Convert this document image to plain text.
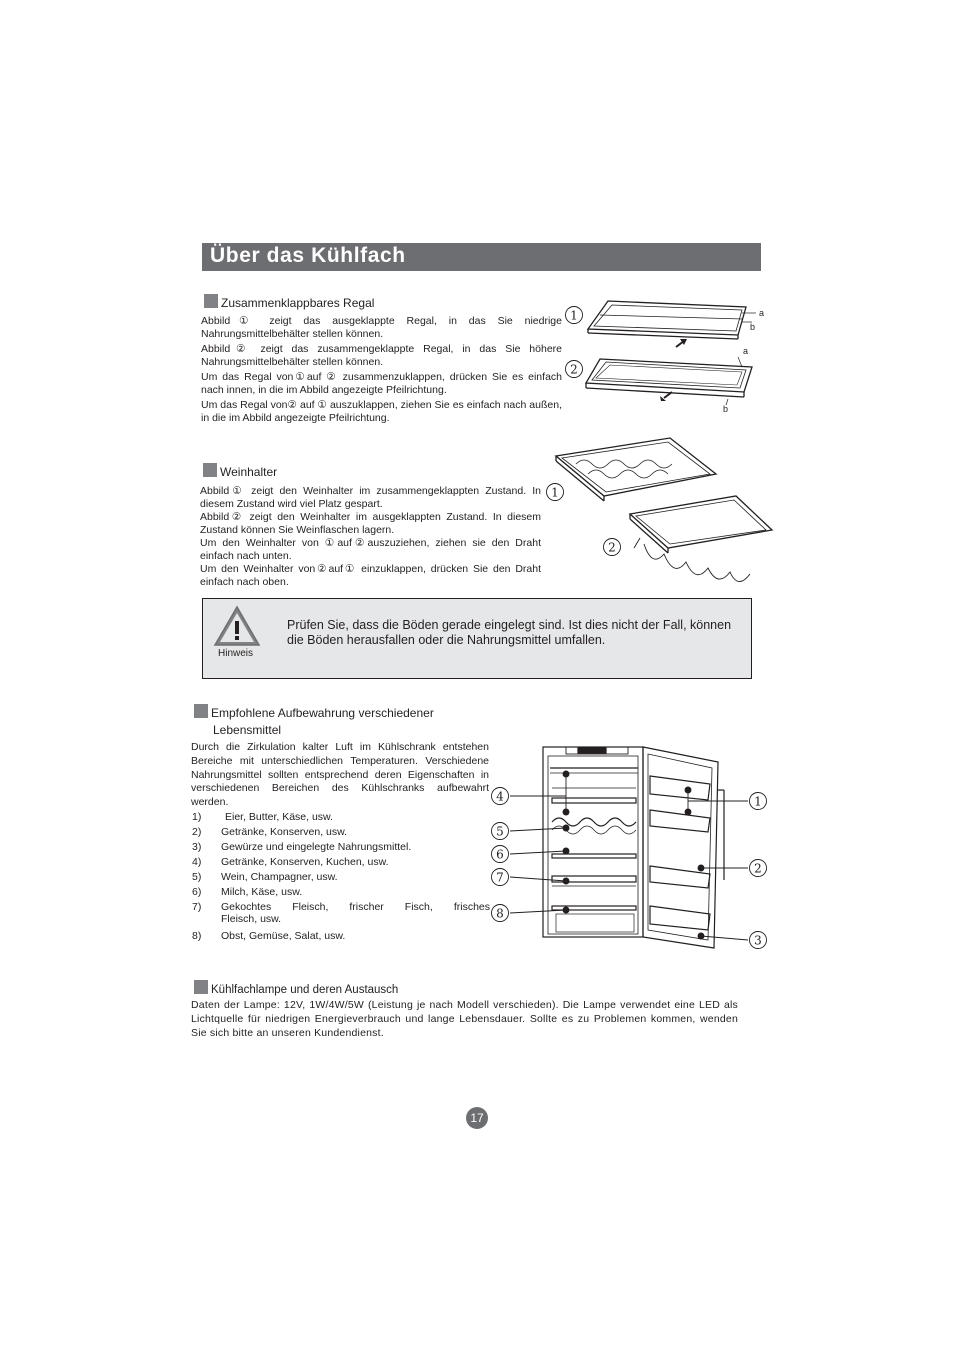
Über das Kühlfach
Zusammenklappbares Regal

Abbild① zeigt das ausgeklappte Regal, in das Sie niedrige Nahrungsmittelbehälter stellen können.

Abbild② zeigt das zusammengeklappte Regal, in das Sie höhere Nahrungsmittelbehälter stellen können.

Um das Regal von①auf ② zusammenzuklappen, drücken Sie es einfach nach innen, in die im Abbild angezeigte Pfeilrichtung.

Um das Regal von② auf ① auszuklappen, ziehen Sie es einfach nach außen, in die im Abbild angezeigte Pfeilrichtung.

1
2
a
b
a
b
Weinhalter

Abbild① zeigt den Weinhalter im zusammengeklappten Zustand. In diesem Zustand wird viel Platz gespart.

Abbild② zeigt den Weinhalter im ausgeklappten Zustand. In diesem Zustand können Sie Weinflaschen lagern.

Um den Weinhalter von ①auf②auszuziehen, ziehen sie den Draht einfach nach unten.

Um den Weinhalter von②auf① einzuklappen, drücken Sie den Draht einfach nach oben.

1
2
Hinweis
Prüfen Sie, dass die Böden gerade eingelegt sind. Ist dies nicht der Fall, können die Böden herausfallen oder die Nahrungsmittel umfallen.
Empfohlene Aufbewahrung verschiedener
Lebensmittel
Durch die Zirkulation kalter Luft im Kühlschrank entstehen Bereiche mit unterschiedlichen Temperaturen. Verschiedene Nahrungsmittel sollten entsprechend deren Eigenschaften in verschiedenen Bereichen des Kühlschranks aufbewahrt werden.
1) Eier, Butter, Käse, usw.
2) Getränke, Konserven, usw.
3) Gewürze und eingelegte Nahrungsmittel.
4) Getränke, Konserven, Kuchen, usw.
5) Wein, Champagner, usw.
6) Milch, Käse, usw.
7) Gekochtes Fleisch, frischer Fisch, frisches
Fleisch, usw.
8) Obst, Gemüse, Salat, usw.
4
5
6
7
8
1
2
3
Kühlfachlampe und deren Austausch
Daten der Lampe: 12V, 1W/4W/5W (Leistung je nach Modell verschieden). Die Lampe verwendet eine LED als Lichtquelle für niedrigen Energieverbrauch und lange Lebensdauer. Sollte es zu Problemen kommen, wenden Sie sich bitte an unseren Kundendienst.
17
